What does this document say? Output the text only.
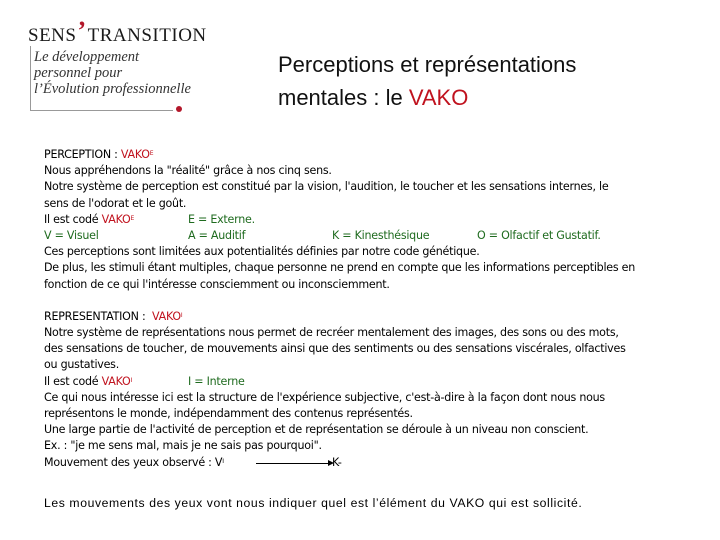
SENS’TRANSITION
Le développement
personnel pour
l’Évolution professionnelle
Perceptions et représentations
mentales : le VAKO
PERCEPTION : $VAKO^E$
Nous appréhendons la "réalité" grâce à nos cinq sens.
Notre système de perception est constitué par la vision, l'audition, le toucher et les sensations internes, le
sens de l'odorat et le goût.
Il est codé $VAKO^E$	E = Externe.
V = Visuel	A = Auditif	K = Kinesthésique	O = Olfactif et Gustatif.
Ces perceptions sont limitées aux potentialités définies par notre code génétique.
De plus, les stimuli étant multiples, chaque personne ne prend en compte que les informations perceptibles en
fonction de ce qui l'intéresse consciemment ou inconsciemment.
REPRESENTATION :  $VAKO^I$
Notre système de représentations nous permet de recréer mentalement des images, des sons ou des mots,
des sensations de toucher, de mouvements ainsi que des sentiments ou des sensations viscérales, olfactives
ou gustatives.
Il est codé $VAKO^I$	I = Interne
Ce qui nous intéresse ici est la structure de l'expérience subjective, c'est-à-dire à la façon dont nous nous
représentons le monde, indépendamment des contenus représentés.
Une large partie de l'activité de perception et de représentation se déroule à un niveau non conscient.
Ex. : "je me sens mal, mais je ne sais pas pourquoi".
Mouvement des yeux observé : $V^I$	K-
Les mouvements des yeux vont nous indiquer quel est l’élément du VAKO qui est sollicité.
